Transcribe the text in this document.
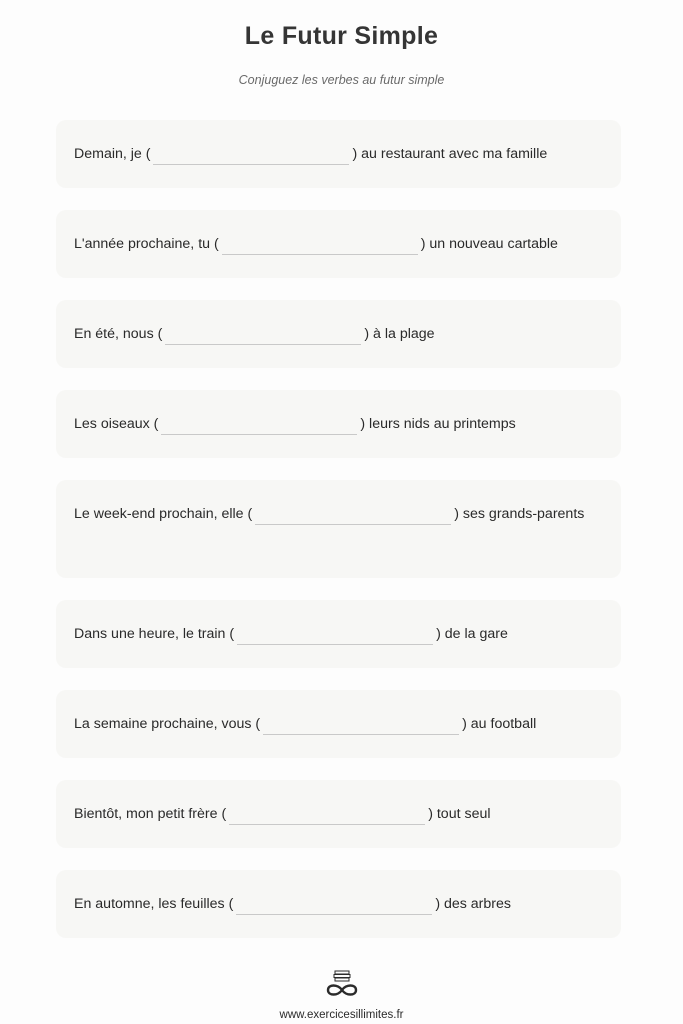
Le Futur Simple
Conjuguez les verbes au futur simple
Demain, je (	) au restaurant avec ma famille
L'année prochaine, tu (	) un nouveau cartable
En été, nous (	) à la plage
Les oiseaux (	) leurs nids au printemps
Le week-end prochain, elle (	) ses grands-parents
Dans une heure, le train (	) de la gare
La semaine prochaine, vous (	) au football
Bientôt, mon petit frère (	) tout seul
En automne, les feuilles (	) des arbres
www.exercicesillimites.fr
